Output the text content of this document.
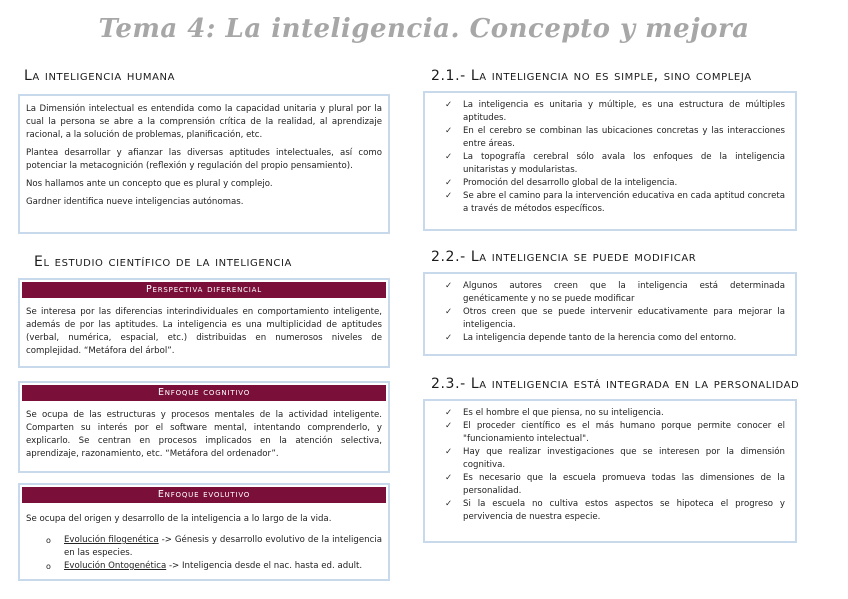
Tema 4: La inteligencia. Concepto y mejora
La inteligencia humana

La Dimensión intelectual es entendida como la capacidad unitaria y plural por la cual la persona se abre a la comprensión crítica de la realidad, al aprendizaje racional, a la solución de problemas, planificación, etc.

Plantea desarrollar y afianzar las diversas aptitudes intelectuales, así como potenciar la metacognición (reflexión y regulación del propio pensamiento).

Nos hallamos ante un concepto que es plural y complejo.

Gardner identifica nueve inteligencias autónomas.

El estudio científico de la inteligencia
Perspectiva diferencial

Se interesa por las diferencias interindividuales en comportamiento inteligente, además de por las aptitudes. La inteligencia es una multiplicidad de aptitudes (verbal, numérica, espacial, etc.) distribuidas en numerosos niveles de complejidad. “Metáfora del árbol”.

Enfoque cognitivo

Se ocupa de las estructuras y procesos mentales de la actividad inteligente. Comparten su interés por el software mental, intentando comprenderlo, y explicarlo. Se centran en procesos implicados en la atención selectiva, aprendizaje, razonamiento, etc. “Metáfora del ordenador”.

Enfoque evolutivo

Se ocupa del origen y desarrollo de la inteligencia a lo largo de la vida.

o Evolución filogenética -> Génesis y desarrollo evolutivo de la inteligencia en las especies.
o Evolución Ontogenética -> Inteligencia desde el nac. hasta ed. adult.
2.1.- La inteligencia no es simple, sino compleja
✓ La inteligencia es unitaria y múltiple, es una estructura de múltiples aptitudes.
✓ En el cerebro se combinan las ubicaciones concretas y las interacciones entre áreas.
✓ La topografía cerebral sólo avala los enfoques de la inteligencia unitaristas y modularistas.
✓ Promoción del desarrollo global de la inteligencia.
✓ Se abre el camino para la intervención educativa en cada aptitud concreta a través de métodos específicos.
2.2.- La inteligencia se puede modificar
✓ Algunos autores creen que la inteligencia está determinada genéticamente y no se puede modificar
✓ Otros creen que se puede intervenir educativamente para mejorar la inteligencia.
✓ La inteligencia depende tanto de la herencia como del entorno.
2.3.- La inteligencia está integrada en la personalidad
✓ Es el hombre el que piensa, no su inteligencia.
✓ El proceder científico es el más humano porque permite conocer el "funcionamiento intelectual".
✓ Hay que realizar investigaciones que se interesen por la dimensión cognitiva.
✓ Es necesario que la escuela promueva todas las dimensiones de la personalidad.
✓ Si la escuela no cultiva estos aspectos se hipoteca el progreso y pervivencia de nuestra especie.
